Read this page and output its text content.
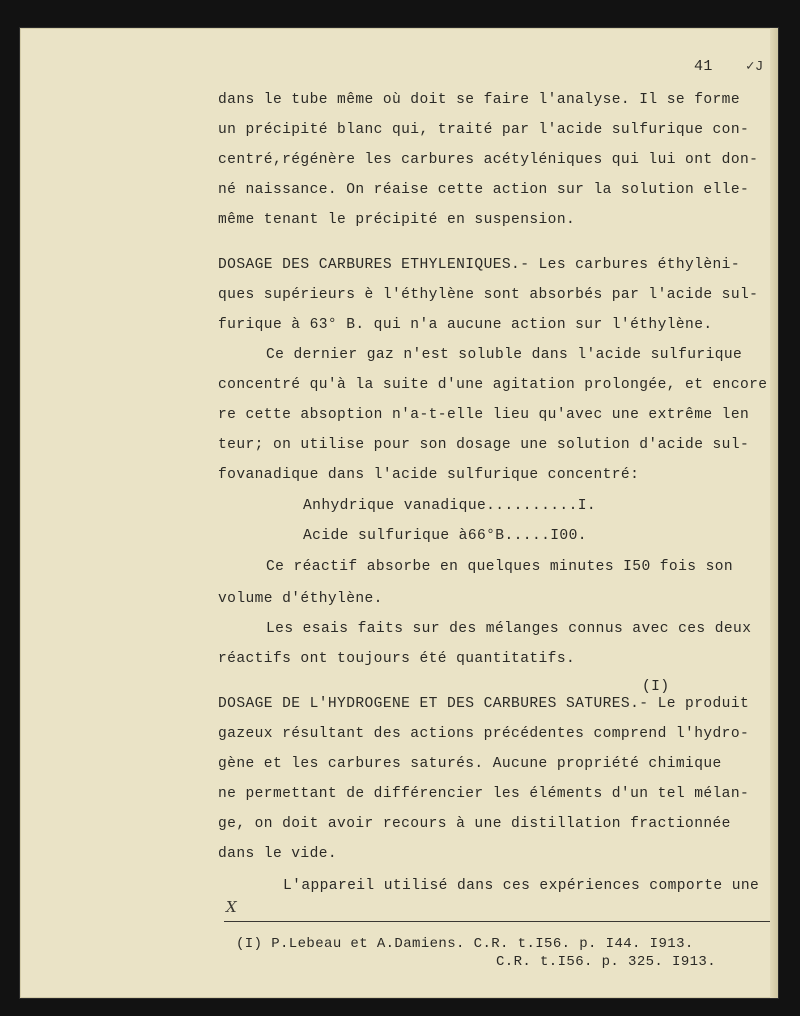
41 ✓J
dans le tube même où doit se faire l'analyse. Il se forme
un précipité blanc qui, traité par l'acide sulfurique con-
centré,régénère les carbures acétyléniques qui lui ont don-
né naissance. On réaise cette action sur la solution elle-
même tenant le précipité en suspension.
DOSAGE DES CARBURES ETHYLENIQUES.- Les carbures éthylèni-
ques supérieurs è l'éthylène sont absorbés par l'acide sul-
furique à 63° B. qui n'a aucune action sur l'éthylène.
Ce dernier gaz n'est soluble dans l'acide sulfurique
concentré qu'à la suite d'une agitation prolongée, et encore
re cette absoption n'a-t-elle lieu qu'avec une extrême len
teur; on utilise pour son dosage une solution d'acide sul-
fovanadique dans l'acide sulfurique concentré:
Anhydrique vanadique..........I.
Acide sulfurique à66°B.....I00.
Ce réactif absorbe en quelques minutes I50 fois son
volume d'éthylène.
Les esais faits sur des mélanges connus avec ces deux
réactifs ont toujours été quantitatifs.
(I)
DOSAGE DE L'HYDROGENE ET DES CARBURES SATURES.- Le produit
gazeux résultant des actions précédentes comprend l'hydro-
gène et les carbures saturés. Aucune propriété chimique
ne permettant de différencier les éléments d'un tel mélan-
ge, on doit avoir recours à une distillation fractionnée
dans le vide.
L'appareil utilisé dans ces expériences comporte une
X
(I) P.Lebeau et A.Damiens. C.R. t.I56. p. I44. I913.
C.R. t.I56. p. 325. I913.
